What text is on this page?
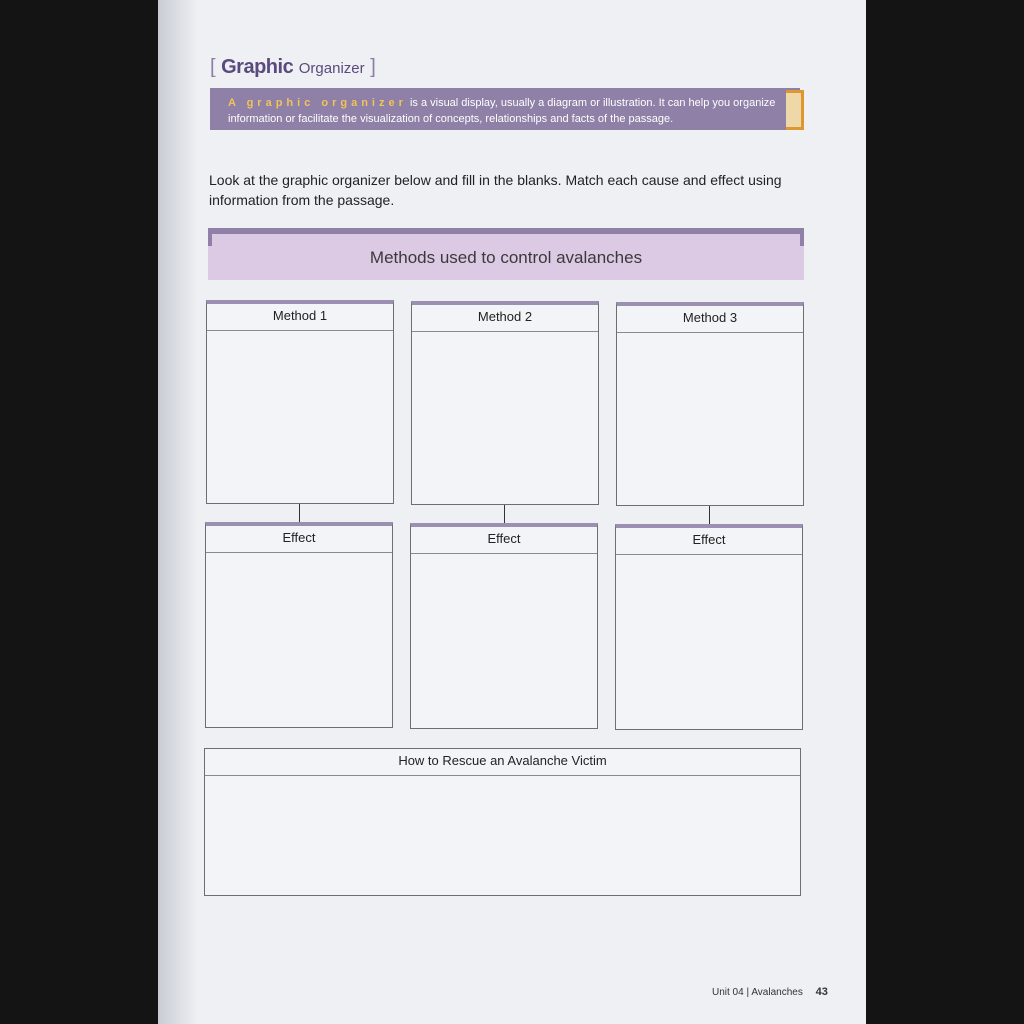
[ Graphic Organizer ]
A graphic organizer is a visual display, usually a diagram or illustration. It can help you organize
information or facilitate the visualization of concepts, relationships and facts of the passage.
Look at the graphic organizer below and fill in the blanks. Match each cause and effect using information from the passage.
Methods used to control avalanches
Method 1	Method 2	Method 3
Effect	Effect	Effect
How to Rescue an Avalanche Victim
Unit 04 | Avalanches 43
